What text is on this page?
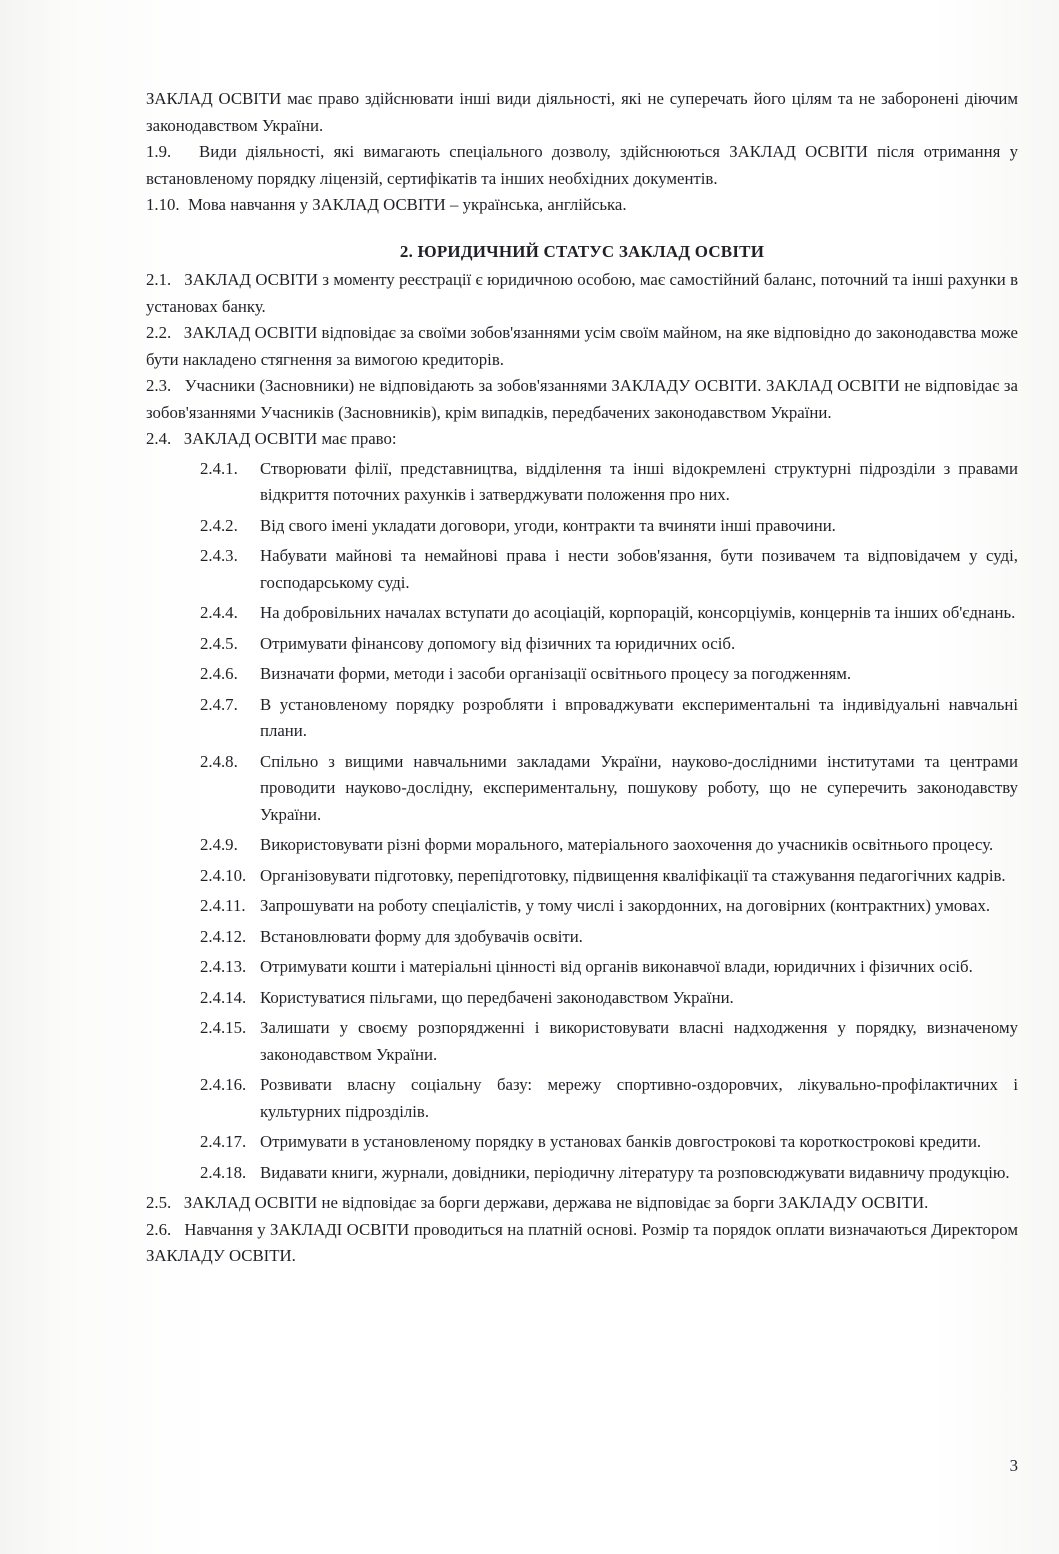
ЗАКЛАД ОСВІТИ має право здійснювати інші види діяльності, які не суперечать його цілям та не заборонені діючим законодавством України.

1.9. Види діяльності, які вимагають спеціального дозволу, здійснюються ЗАКЛАД ОСВІТИ після отримання у встановленому порядку ліцензій, сертифікатів та інших необхідних документів.

1.10. Мова навчання у ЗАКЛАД ОСВІТИ – українська, англійська.

2. ЮРИДИЧНИЙ СТАТУС ЗАКЛАД ОСВІТИ

2.1. ЗАКЛАД ОСВІТИ з моменту реєстрації є юридичною особою, має самостійний баланс, поточний та інші рахунки в установах банку.

2.2. ЗАКЛАД ОСВІТИ відповідає за своїми зобов'язаннями усім своїм майном, на яке відповідно до законодавства може бути накладено стягнення за вимогою кредиторів.

2.3. Учасники (Засновники) не відповідають за зобов'язаннями ЗАКЛАДУ ОСВІТИ. ЗАКЛАД ОСВІТИ не відповідає за зобов'язаннями Учасників (Засновників), крім випадків, передбачених законодавством України.

2.4. ЗАКЛАД ОСВІТИ має право:

2.4.1.	Створювати філії, представництва, відділення та інші відокремлені структурні підрозділи з правами відкриття поточних рахунків і затверджувати положення про них.
2.4.2.	Від свого імені укладати договори, угоди, контракти та вчиняти інші правочини.
2.4.3.	Набувати майнові та немайнові права і нести зобов'язання, бути позивачем та відповідачем у суді, господарському суді.
2.4.4.	На добровільних началах вступати до асоціацій, корпорацій, консорціумів, концернів та інших об'єднань.
2.4.5.	Отримувати фінансову допомогу від фізичних та юридичних осіб.
2.4.6.	Визначати форми, методи і засоби організації освітнього процесу за погодженням.
2.4.7.	В установленому порядку розробляти і впроваджувати експериментальні та індивідуальні навчальні плани.
2.4.8.	Спільно з вищими навчальними закладами України, науково-дослідними інститутами та центрами проводити науково-дослідну, експериментальну, пошукову роботу, що не суперечить законодавству України.
2.4.9.	Використовувати різні форми морального, матеріального заохочення до учасників освітнього процесу.
2.4.10. Організовувати підготовку, перепідготовку, підвищення кваліфікації та стажування педагогічних кадрів.
2.4.11. Запрошувати на роботу спеціалістів, у тому числі і закордонних, на договірних (контрактних) умовах.
2.4.12. Встановлювати форму для здобувачів освіти.
2.4.13. Отримувати кошти і матеріальні цінності від органів виконавчої влади, юридичних і фізичних осіб.
2.4.14. Користуватися пільгами, що передбачені законодавством України.
2.4.15. Залишати у своєму розпорядженні і використовувати власні надходження у порядку, визначеному законодавством України.
2.4.16. Розвивати власну соціальну базу: мережу спортивно-оздоровчих, лікувально-профілактичних і культурних підрозділів.
2.4.17. Отримувати в установленому порядку в установах банків довгострокові та короткострокові кредити.
2.4.18. Видавати книги, журнали, довідники, періодичну літературу та розповсюджувати видавничу продукцію.

2.5. ЗАКЛАД ОСВІТИ не відповідає за борги держави, держава не відповідає за борги ЗАКЛАДУ ОСВІТИ.

2.6. Навчання у ЗАКЛАДІ ОСВІТИ проводиться на платній основі. Розмір та порядок оплати визначаються Директором ЗАКЛАДУ ОСВІТИ.

3
